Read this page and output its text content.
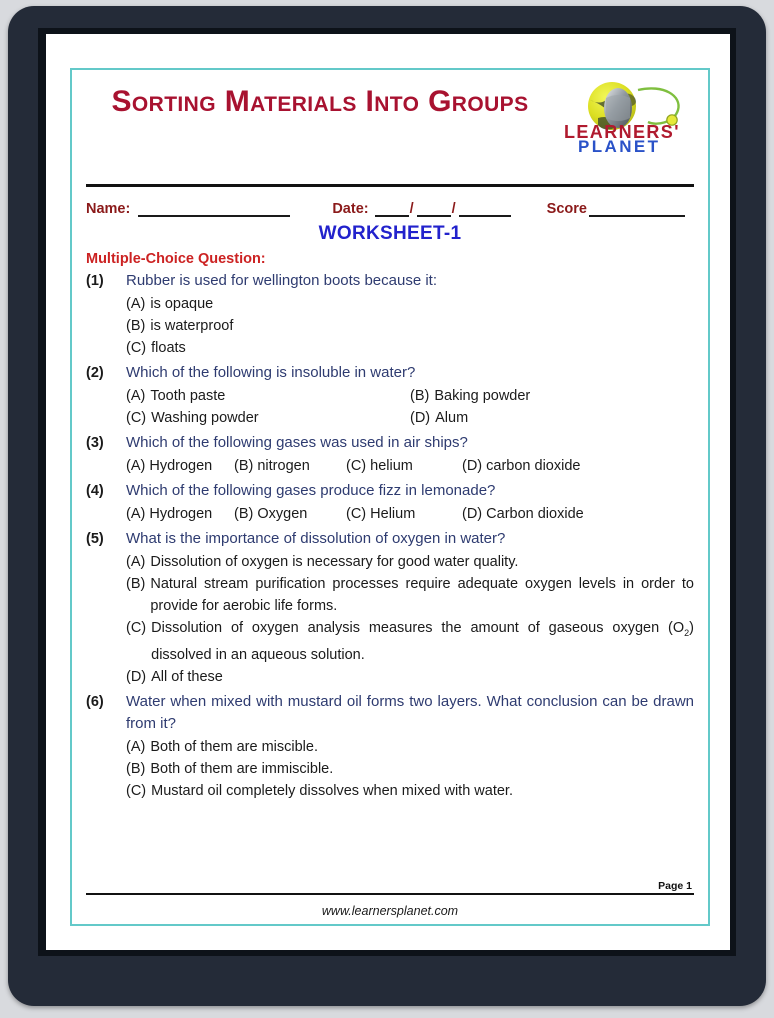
Sorting Materials Into Groups
LEARNERS'
PLANET
Name:	Date:	/	/	Score
WORKSHEET-1
Multiple-Choice Question:
(1)	Rubber is used for wellington boots because it:
(A) is opaque
(B) is waterproof
(C) floats
(2)	Which of the following is insoluble in water?
(A) Tooth paste	(B) Baking powder
(C) Washing powder	(D) Alum
(3)	Which of the following gases was used in air ships?
(A) Hydrogen	(B) nitrogen	(C) helium	(D) carbon dioxide
(4)	Which of the following gases produce fizz in lemonade?
(A) Hydrogen	(B) Oxygen	(C) Helium	(D) Carbon dioxide
(5)	What is the importance of dissolution of oxygen in water?
(A) Dissolution of oxygen is necessary for good water quality.
(B) Natural stream purification processes require adequate oxygen levels in order to provide for aerobic life forms.
(C) Dissolution of oxygen analysis measures the amount of gaseous oxygen $(O_2)$ dissolved in an aqueous solution.
(D) All of these
(6)	Water when mixed with mustard oil forms two layers. What conclusion can be drawn from it?
(A) Both of them are miscible.
(B) Both of them are immiscible.
(C) Mustard oil completely dissolves when mixed with water.
Page 1
www.learnersplanet.com
